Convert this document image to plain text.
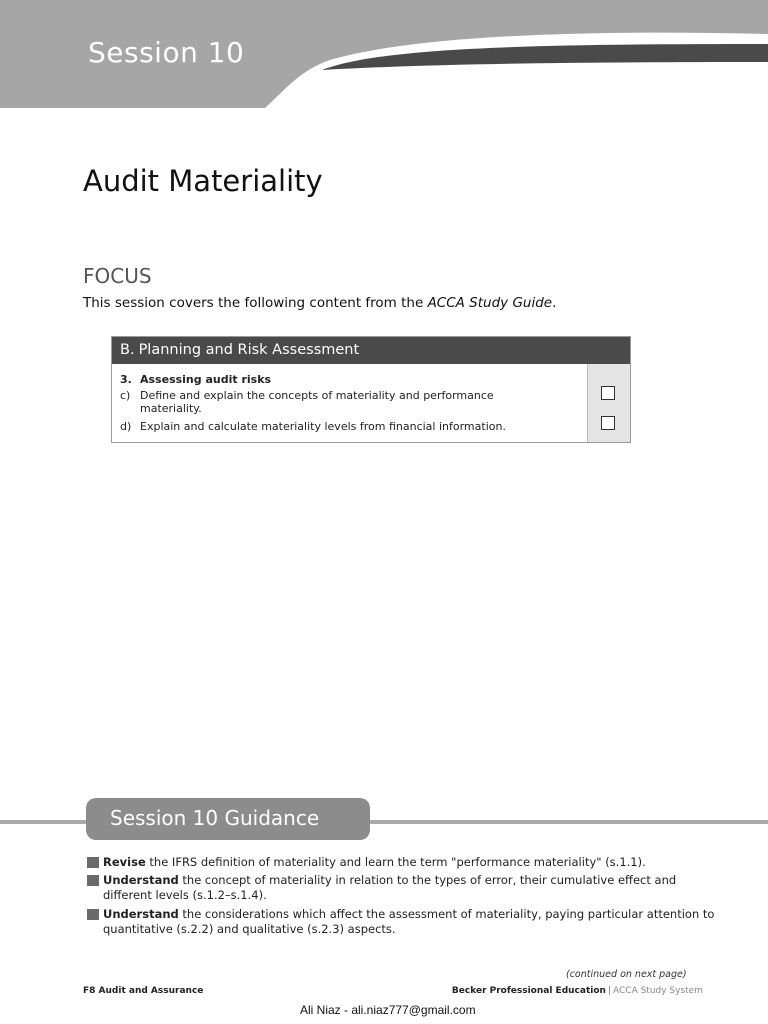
Session 10
Audit Materiality
FOCUS

This session covers the following content from the ACCA Study Guide.

B. Planning and Risk Assessment
3. Assessing audit risks
c) Define and explain the concepts of materiality and performance materiality.
d) Explain and calculate materiality levels from financial information.
Session 10 Guidance
Revise the IFRS definition of materiality and learn the term "performance materiality" (s.1.1).
Understand the concept of materiality in relation to the types of error, their cumulative effect and different levels (s.1.2–s.1.4).
Understand the considerations which affect the assessment of materiality, paying particular attention to quantitative (s.2.2) and qualitative (s.2.3) aspects.
(continued on next page)
F8 Audit and Assurance	Becker Professional Education | ACCA Study System
Ali Niaz - ali.niaz777@gmail.com
